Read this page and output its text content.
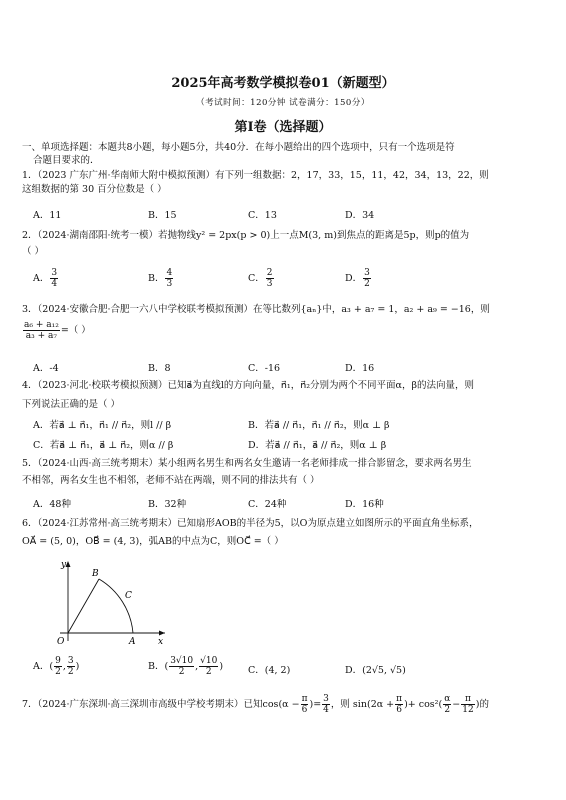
2025年高考数学模拟卷01（新题型）
（考试时间：120分钟 试卷满分：150分）
第I卷（选择题）
一、单项选择题：本题共8小题，每小题5分，共40分．在每小题给出的四个选项中，只有一个选项是符
合题目要求的．
1．（2023 广东广州·华南师大附中模拟预测）有下列一组数据：2，17，33，15，11，42，34，13，22，则
这组数据的第 30 百分位数是（ ）
A．11	B．15	C．13	D．34
2．（2024·湖南邵阳·统考一模）若抛物线y² = 2px(p > 0)上一点M(3, m)到焦点的距离是5p，则p的值为
（ ）
A． $\frac{3}{4}$	B． $\frac{4}{3}$	C． $\frac{2}{3}$	D． $\frac{3}{2}$
3．（2024·安徽合肥·合肥一六八中学校联考模拟预测）在等比数列{aₙ}中，a₃ + a₇ = 1，a₂ + a₉ = −16，则
$\frac{\text{a₆ + a₁₂}}{\text{a₃ + a₇}}$ =（ ）
A．-4	B．8	C．-16	D．16
4．（2023·河北·校联考模拟预测）已知a⃗为直线l的方向向量，n⃗₁，n⃗₂分别为两个不同平面α，β的法向量，则
下列说法正确的是（ ）
A．若a⃗ ⊥ n⃗₁，n⃗₁ // n⃗₂，则l // β	B．若a⃗ // n⃗₁，n⃗₁ // n⃗₂，则α ⊥ β
C．若a⃗ ⊥ n⃗₁，a⃗ ⊥ n⃗₂，则α // β	D．若a⃗ // n⃗₁，a⃗ // n⃗₂，则α ⊥ β
5．（2024·山西·高三统考期末）某小组两名男生和两名女生邀请一名老师排成一排合影留念，要求两名男生
不相邻，两名女生也不相邻，老师不站在两端，则不同的排法共有（ ）
A．48种	B．32种	C．24种	D．16种
6．（2024·江苏常州·高三统考期末）已知扇形AOB的半径为5，以O为原点建立如图所示的平面直角坐标系，
OA⃗ = (5, 0)，OB⃗ = (4, 3)，弧AB的中点为C，则OC⃗ =（ ）
y
x
O	A
B
C
A．( $\frac{9}{2}$ , $\frac{3}{2}$ )	B．( $\frac{3√10}{2}$ , $\frac{√10}{2}$ )	C．(4, 2)	D．(2√5, √5)
7．（2024·广东深圳·高三深圳市高级中学校考期末）已知$\cos(\alpha - \frac{\pi}{6}$ )= $\frac{3}{4}$ ，则 $\sin(2\alpha + \frac{\pi}{6}$ )+ $\cos^2( \frac{\alpha}{2} - \frac{\pi}{12}$ )的
